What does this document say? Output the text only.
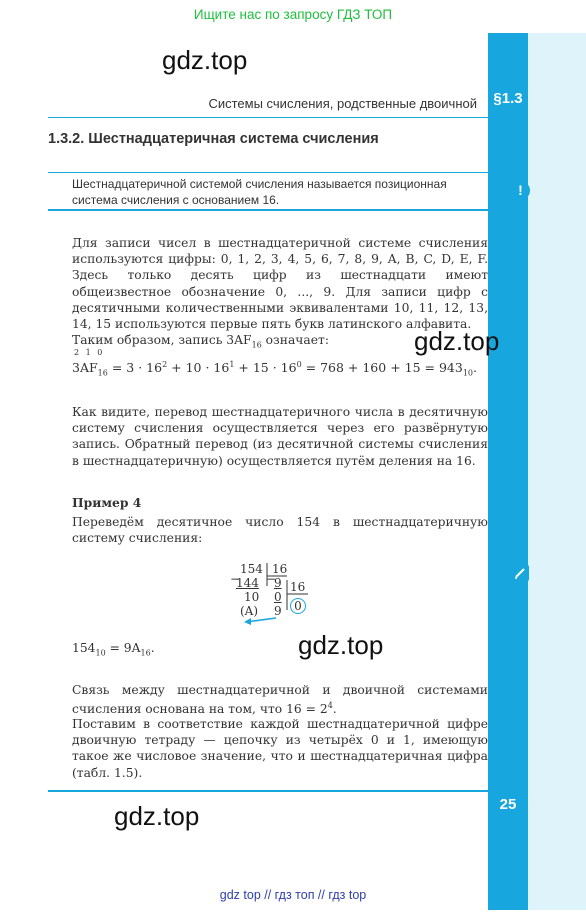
Ищите нас по запросу ГДЗ ТОП
§1.3
25
gdz.top
gdz.top
gdz.top
gdz.top
Системы счисления, родственные двоичной
1.3.2. Шестнадцатеричная система счисления
Шестнадцатеричной системой счисления называется позиционная система счисления с основанием 16.
!
Для записи чисел в шестнадцатеричной системе счисления используются цифры: 0, 1, 2, 3, 4, 5, 6, 7, 8, 9, A, B, C, D, E, F. Здесь только десять цифр из шестнадцати имеют общеизвестное обозначение 0, ..., 9. Для записи цифр с десятичными количественными эквивалентами 10, 11, 12, 13, 14, 15 используются первые пять букв латинского алфавита.
Таким образом, запись $3AF_{16}$ означает:
2 1 0
$3AF_{16} = 3 \cdot 16^2 + 10 \cdot 16^1 + 15 \cdot 16^0 = 768 + 160 + 15 = 943_{10}$.
Как видите, перевод шестнадцатеричного числа в десятичную систему счисления осуществляется через его развёрнутую запись. Обратный перевод (из десятичной системы счисления в шестнадцатеричную) осуществляется путём деления на 16.
Пример 4
Переведём десятичное число 154 в шестнадцатеричную систему счисления:
154 16
−
144 −
9 16
10 0
(A) 9	0
$154_{10} = 9A_{16}$.
Связь между шестнадцатеричной и двоичной системами счисления основана на том, что $16 = 2^4$.
Поставим в соответствие каждой шестнадцатеричной цифре двоичную тетраду — цепочку из четырёх 0 и 1, имеющую такое же числовое значение, что и шестнадцатеричная цифра (табл. 1.5).
gdz top // гдз топ // гдз top
